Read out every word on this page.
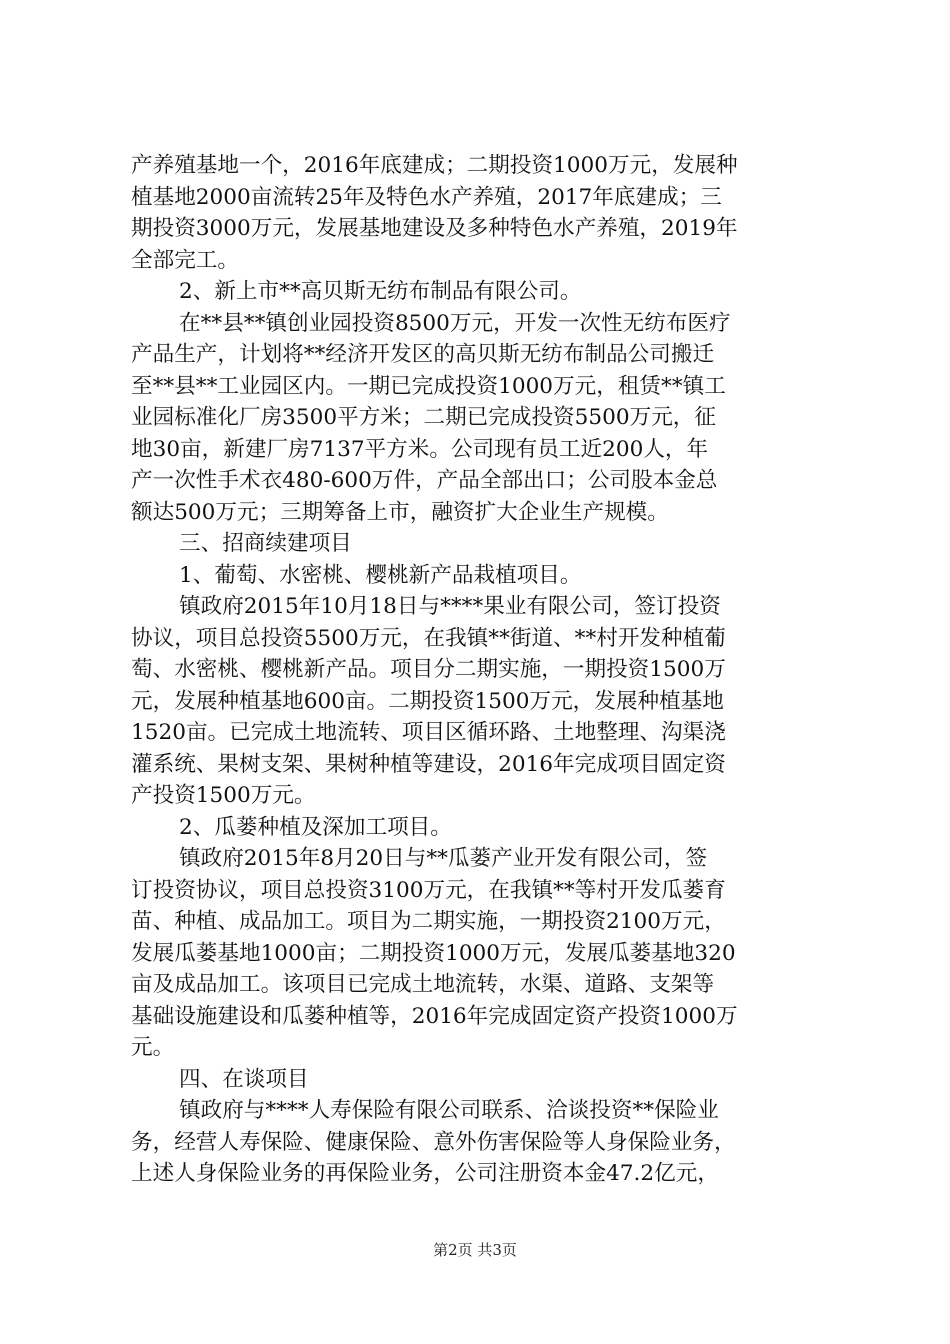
产养殖基地一个，2016年底建成；二期投资1000万元，发展种
植基地2000亩流转25年及特色水产养殖，2017年底建成；三
期投资3000万元，发展基地建设及多种特色水产养殖，2019年
全部完工。
2、新上市**高贝斯无纺布制品有限公司。
在**县**镇创业园投资8500万元，开发一次性无纺布医疗
产品生产，计划将**经济开发区的高贝斯无纺布制品公司搬迁
至**县**工业园区内。一期已完成投资1000万元，租赁**镇工
业园标准化厂房3500平方米；二期已完成投资5500万元，征
地30亩，新建厂房7137平方米。公司现有员工近200人，年
产一次性手术衣480-600万件，产品全部出口；公司股本金总
额达500万元；三期筹备上市，融资扩大企业生产规模。
三、招商续建项目
1、葡萄、水密桃、樱桃新产品栽植项目。
镇政府2015年10月18日与****果业有限公司，签订投资
协议，项目总投资5500万元，在我镇**街道、**村开发种植葡
萄、水密桃、樱桃新产品。项目分二期实施，一期投资1500万
元，发展种植基地600亩。二期投资1500万元，发展种植基地
1520亩。已完成土地流转、项目区循环路、土地整理、沟渠浇
灌系统、果树支架、果树种植等建设，2016年完成项目固定资
产投资1500万元。
2、瓜蒌种植及深加工项目。
镇政府2015年8月20日与**瓜蒌产业开发有限公司，签
订投资协议，项目总投资3100万元，在我镇**等村开发瓜蒌育
苗、种植、成品加工。项目为二期实施，一期投资2100万元，
发展瓜蒌基地1000亩；二期投资1000万元，发展瓜蒌基地320
亩及成品加工。该项目已完成土地流转，水渠、道路、支架等
基础设施建设和瓜蒌种植等，2016年完成固定资产投资1000万
元。
四、在谈项目
镇政府与****人寿保险有限公司联系、洽谈投资**保险业
务，经营人寿保险、健康保险、意外伤害保险等人身保险业务，
上述人身保险业务的再保险业务，公司注册资本金47.2亿元，
第2页 共3页
